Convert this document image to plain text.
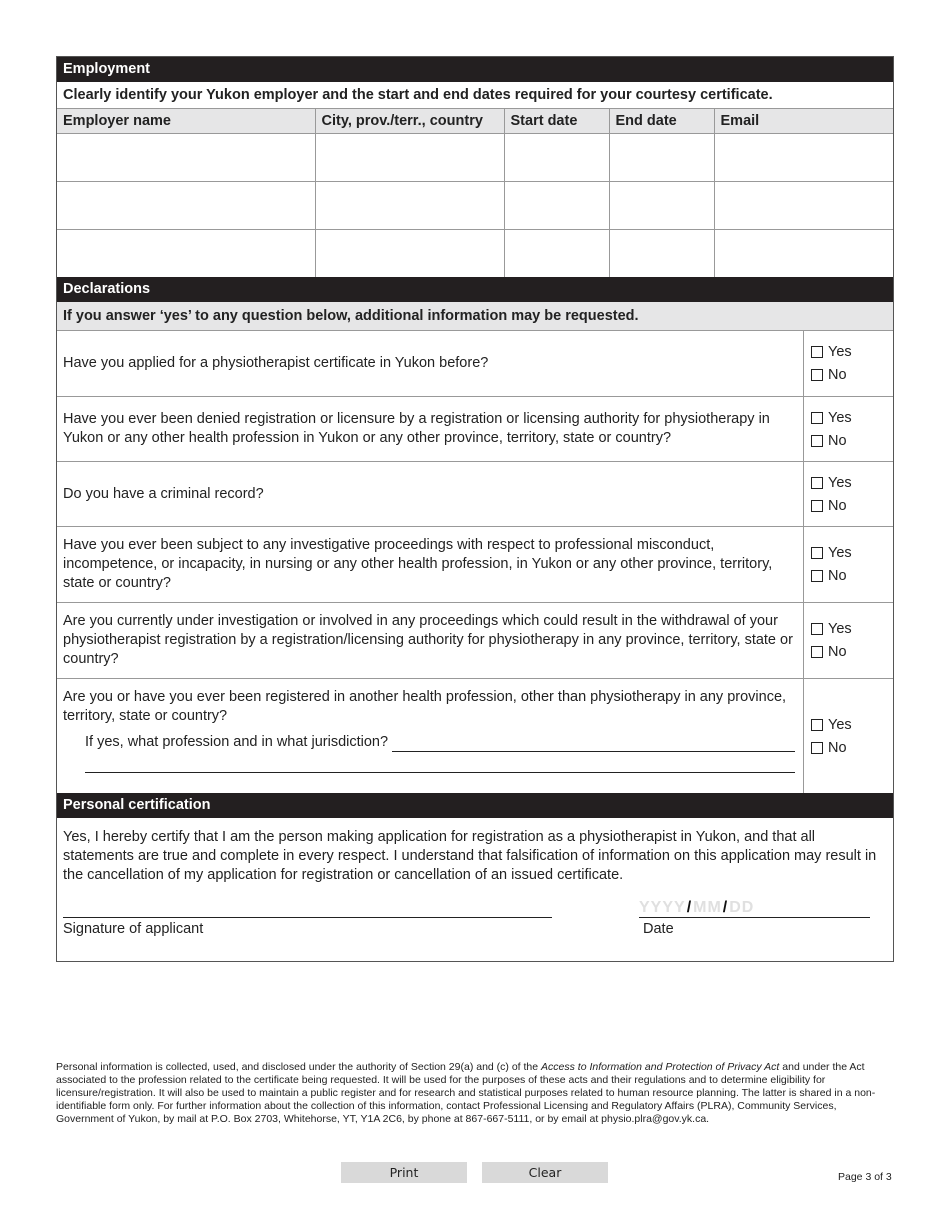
Employment
Clearly identify your Yukon employer and the start and end dates required for your courtesy certificate.
Employer name	City, prov./terr., country	Start date	End date	Email

Declarations
If you answer ‘yes’ to any question below, additional information may be requested.
Have you applied for a physiotherapist certificate in Yukon before?
Yes
No
Have you ever been denied registration or licensure by a registration or licensing authority for physiotherapy in Yukon or any other health profession in Yukon or any other province, territory, state or country?
Yes
No
Do you have a criminal record?
Yes
No
Have you ever been subject to any investigative proceedings with respect to professional misconduct, incompetence, or incapacity, in nursing or any other health profession, in Yukon or any other province, territory, state or country?
Yes
No
Are you currently under investigation or involved in any proceedings which could result in the withdrawal of your physiotherapist registration by a registration/licensing authority for physiotherapy in any province, territory, state or country?
Yes
No
Are you or have you ever been registered in another health profession, other than physiotherapy in any province, territory, state or country?
If yes, what profession and in what jurisdiction?
Yes
No
Personal certification
Yes, I hereby certify that I am the person making application for registration as a physiotherapist in Yukon, and that all statements are true and complete in every respect. I understand that falsification of information on this application may result in the cancellation of my application for registration or cancellation of an issued certificate.
Signature of applicant
YYYY/MM/DD
Date
Personal information is collected, used, and disclosed under the authority of Section 29(a) and (c) of the Access to Information and Protection of Privacy Act and under the Act associated to the profession related to the certificate being requested. It will be used for the purposes of these acts and their regulations and to determine eligibility for licensure/registration. It will also be used to maintain a public register and for research and statistical purposes related to human resource planning. The latter is shared in a non-identifiable form only. For further information about the collection of this information, contact Professional Licensing and Regulatory Affairs (PLRA), Community Services, Government of Yukon, by mail at P.O. Box 2703, Whitehorse, YT, Y1A 2C6, by phone at 867-667-5111, or by email at physio.plra@gov.yk.ca.
Print	Clear	Page 3 of 3
